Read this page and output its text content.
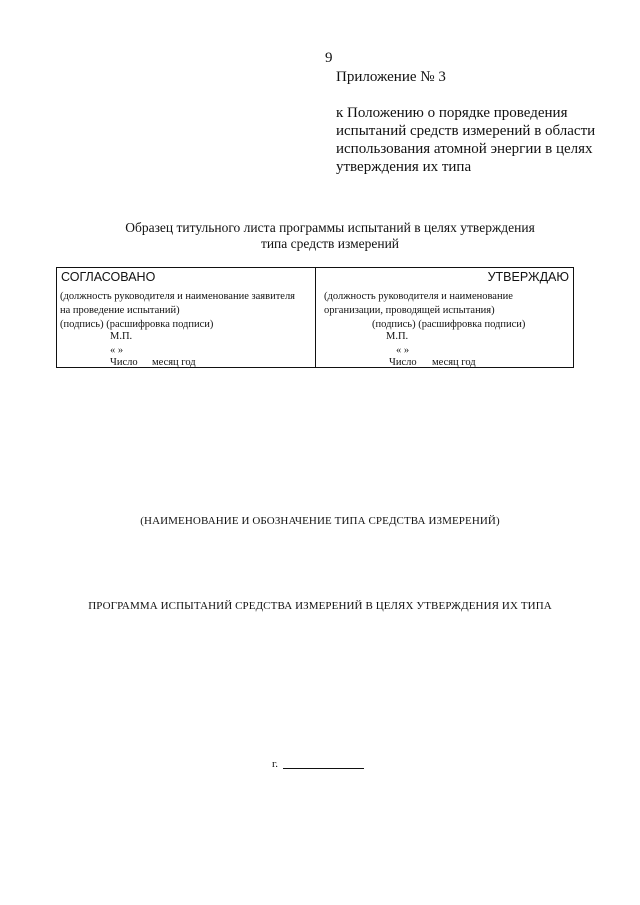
9
Приложение № 3
к Положению о порядке проведения
испытаний средств измерений в области
использования атомной энергии в целях
утверждения их типа
Образец титульного листа программы испытаний в целях утверждения
типа средств измерений
СОГЛАСОВАНО
(должность руководителя и наименование заявителя
на проведение испытаний)
(подпись) (расшифровка подписи)
М.П.
« »
Число месяц год
УТВЕРЖДАЮ
(должность руководителя и наименование
организации, проводящей испытания)
(подпись) (расшифровка подписи)
М.П.
« »
Число месяц год
(НАИМЕНОВАНИЕ И ОБОЗНАЧЕНИЕ ТИПА СРЕДСТВА ИЗМЕРЕНИЙ)
ПРОГРАММА ИСПЫТАНИЙ СРЕДСТВА ИЗМЕРЕНИЙ В ЦЕЛЯХ УТВЕРЖДЕНИЯ ИХ ТИПА
г.
